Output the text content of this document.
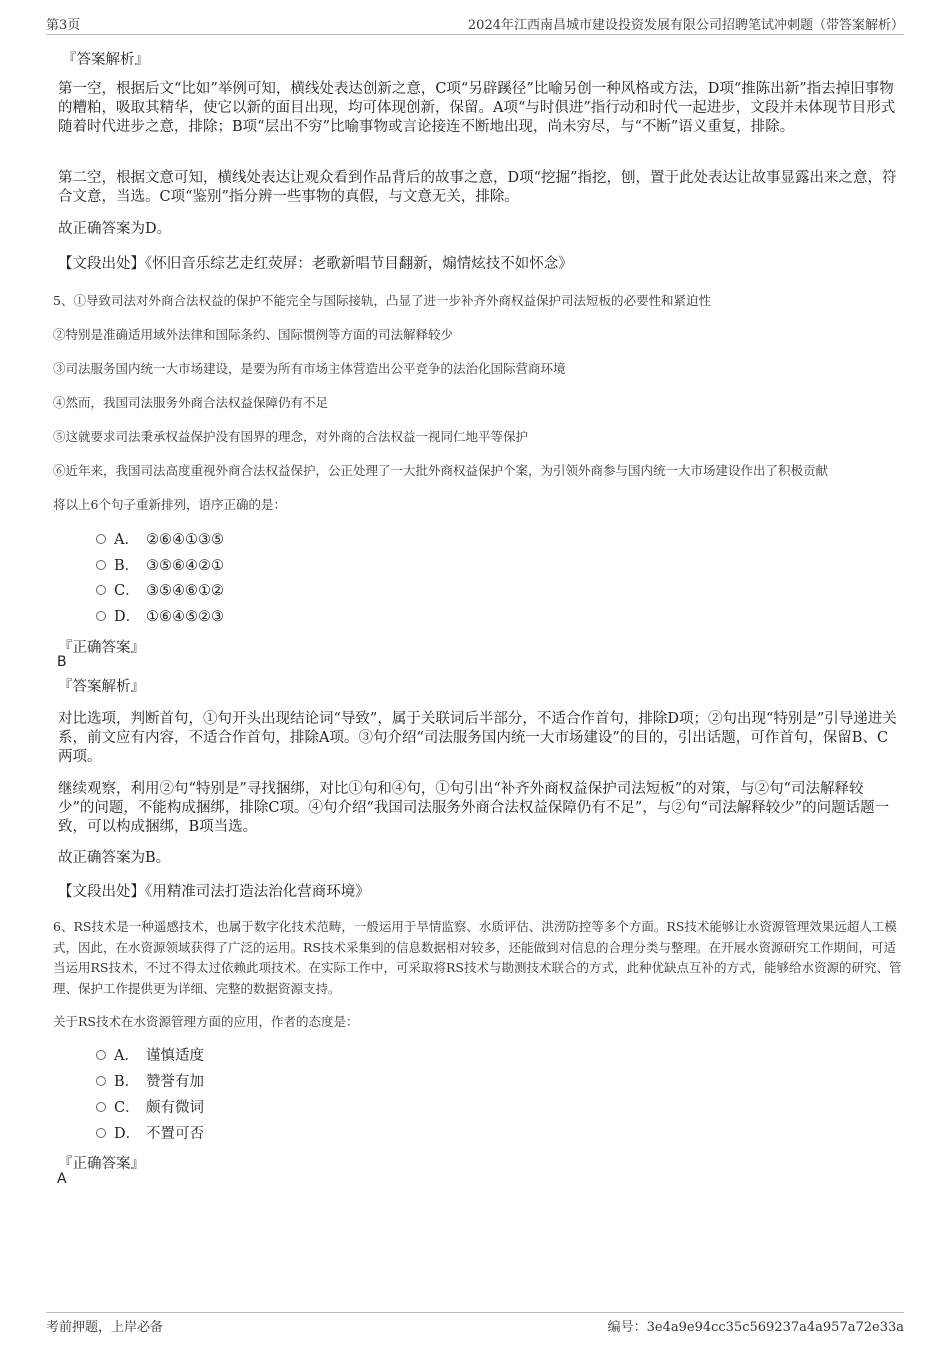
第3页	2024年江西南昌城市建设投资发展有限公司招聘笔试冲刺题（带答案解析）
『答案解析』
第一空，根据后文“比如”举例可知，横线处表达创新之意，C项“另辟蹊径”比喻另创一种风格或方法，D项“推陈出新”指去掉旧事物的糟粕，吸取其精华，使它以新的面目出现，均可体现创新，保留。A项“与时俱进”指行动和时代一起进步，文段并未体现节目形式随着时代进步之意，排除；B项“层出不穷”比喻事物或言论接连不断地出现，尚未穷尽，与“不断”语义重复，排除。
第二空，根据文意可知，横线处表达让观众看到作品背后的故事之意，D项“挖掘”指挖，刨，置于此处表达让故事显露出来之意，符合文意，当选。C项“鉴别”指分辨一些事物的真假，与文意无关，排除。
故正确答案为D。
【文段出处】《怀旧音乐综艺走红荧屏：老歌新唱节目翻新，煽情炫技不如怀念》
5、①导致司法对外商合法权益的保护不能完全与国际接轨，凸显了进一步补齐外商权益保护司法短板的必要性和紧迫性
②特别是准确适用域外法律和国际条约、国际惯例等方面的司法解释较少
③司法服务国内统一大市场建设，是要为所有市场主体营造出公平竞争的法治化国际营商环境
④然而，我国司法服务外商合法权益保障仍有不足
⑤这就要求司法秉承权益保护没有国界的理念，对外商的合法权益一视同仁地平等保护
⑥近年来，我国司法高度重视外商合法权益保护，公正处理了一大批外商权益保护个案，为引领外商参与国内统一大市场建设作出了积极贡献
将以上6个句子重新排列，语序正确的是：
A． ②⑥④①③⑤
B． ③⑤⑥④②①
C． ③⑤④⑥①②
D． ①⑥④⑤②③
『正确答案』
B
『答案解析』
对比选项，判断首句，①句开头出现结论词“导致”，属于关联词后半部分，不适合作首句，排除D项；②句出现“特别是”引导递进关系，前文应有内容，不适合作首句，排除A项。③句介绍“司法服务国内统一大市场建设”的目的，引出话题，可作首句，保留B、C两项。
继续观察，利用②句“特别是”寻找捆绑，对比①句和④句，①句引出“补齐外商权益保护司法短板”的对策，与②句“司法解释较少”的问题，不能构成捆绑，排除C项。④句介绍“我国司法服务外商合法权益保障仍有不足”，与②句“司法解释较少”的问题话题一致，可以构成捆绑，B项当选。
故正确答案为B。
【文段出处】《用精准司法打造法治化营商环境》
6、RS技术是一种遥感技术，也属于数字化技术范畴，一般运用于旱情监察、水质评估、洪涝防控等多个方面。RS技术能够让水资源管理效果远超人工模式，因此，在水资源领域获得了广泛的运用。RS技术采集到的信息数据相对较多，还能做到对信息的合理分类与整理。在开展水资源研究工作期间，可适当运用RS技术，不过不得太过依赖此项技术。在实际工作中，可采取将RS技术与勘测技术联合的方式，此种优缺点互补的方式，能够给水资源的研究、管理、保护工作提供更为详细、完整的数据资源支持。
关于RS技术在水资源管理方面的应用，作者的态度是：
A． 谨慎适度
B． 赞誉有加
C． 颇有微词
D． 不置可否
『正确答案』
A
考前押题，上岸必备	编号：3e4a9e94cc35c569237a4a957a72e33a
